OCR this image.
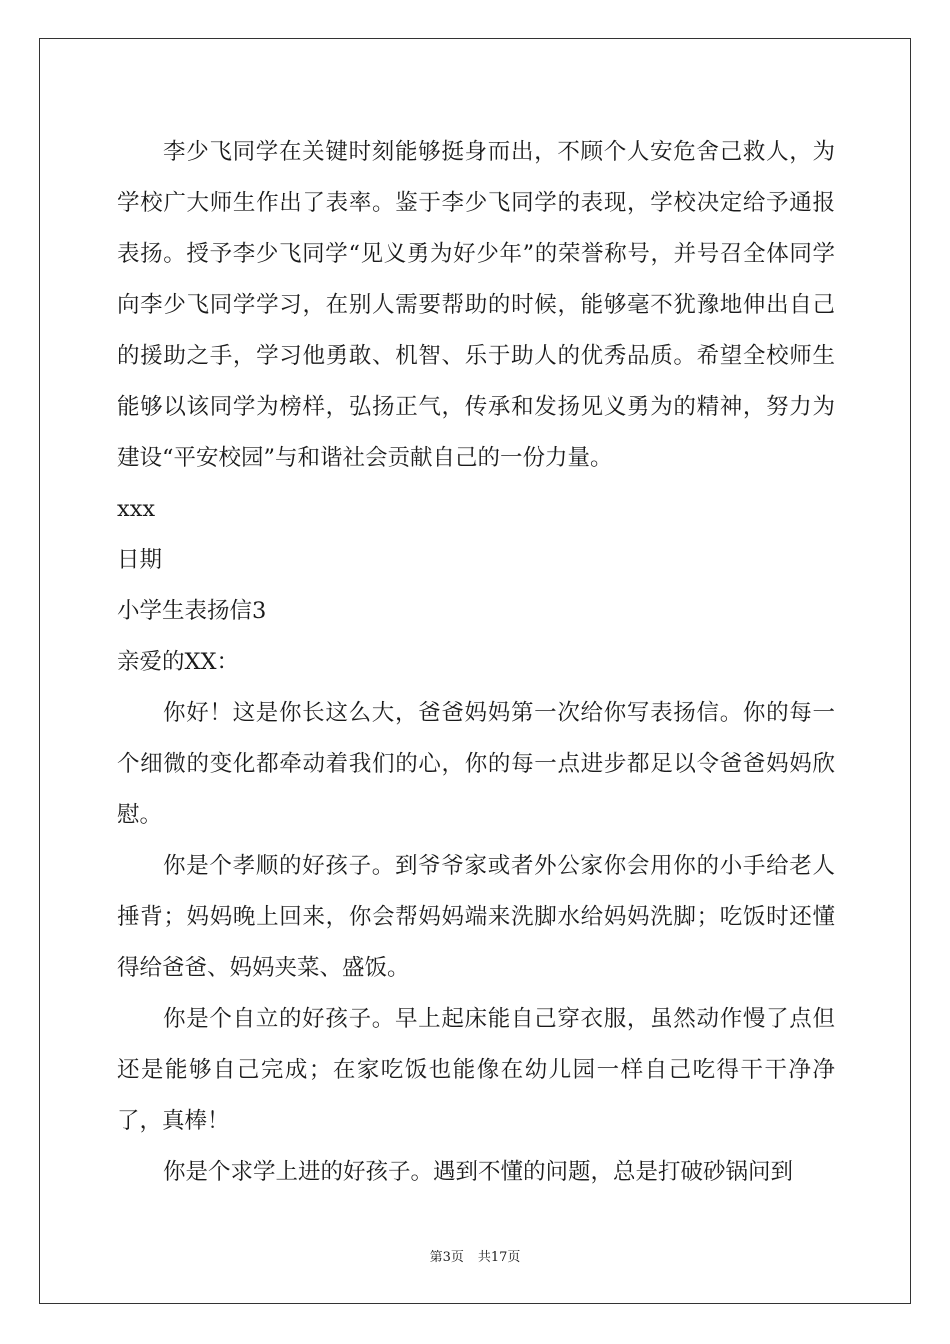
李少飞同学在关键时刻能够挺身而出，不顾个人安危舍己救人，为学校广大师生作出了表率。鉴于李少飞同学的表现，学校决定给予通报表扬。授予李少飞同学“见义勇为好少年”的荣誉称号，并号召全体同学向李少飞同学学习，在别人需要帮助的时候，能够毫不犹豫地伸出自己的援助之手，学习他勇敢、机智、乐于助人的优秀品质。希望全校师生能够以该同学为榜样，弘扬正气，传承和发扬见义勇为的精神，努力为建设“平安校园”与和谐社会贡献自己的一份力量。

xxx

日期

小学生表扬信3

亲爱的XX：

你好！这是你长这么大，爸爸妈妈第一次给你写表扬信。你的每一个细微的变化都牵动着我们的心，你的每一点进步都足以令爸爸妈妈欣慰。

你是个孝顺的好孩子。到爷爷家或者外公家你会用你的小手给老人捶背；妈妈晚上回来，你会帮妈妈端来洗脚水给妈妈洗脚；吃饭时还懂得给爸爸、妈妈夹菜、盛饭。

你是个自立的好孩子。早上起床能自己穿衣服，虽然动作慢了点但还是能够自己完成；在家吃饭也能像在幼儿园一样自己吃得干干净净了，真棒！

你是个求学上进的好孩子。遇到不懂的问题，总是打破砂锅问到

第3页 共17页
